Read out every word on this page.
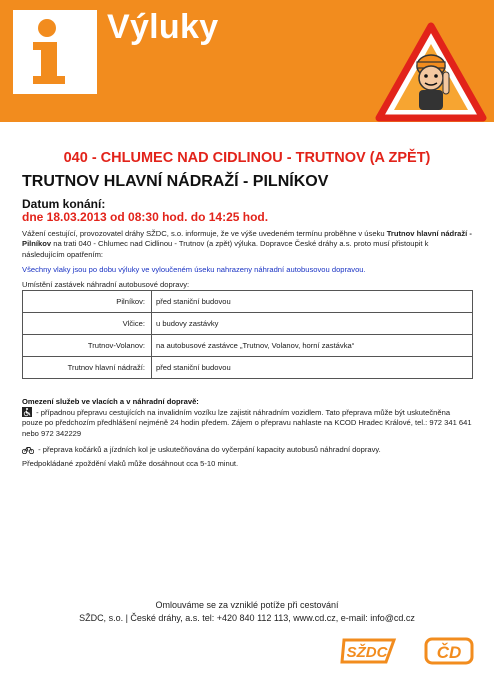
Výluky
040 - CHLUMEC NAD CIDLINOU - TRUTNOV (A ZPĚT)
TRUTNOV HLAVNÍ NÁDRAŽÍ - PILNÍKOV
Datum konání:
dne 18.03.2013 od 08:30 hod. do 14:25 hod.
Vážení cestující, provozovatel dráhy SŽDC, s.o. informuje, že ve výše uvedeném termínu proběhne v úseku Trutnov hlavní nádraží - Pilníkov na trati 040 - Chlumec nad Cidlinou - Trutnov (a zpět) výluka. Dopravce České dráhy a.s. proto musí přistoupit k následujícím opatřením:
Všechny vlaky jsou po dobu výluky ve vyloučeném úseku nahrazeny náhradní autobusovou dopravou.
Umístění zastávek náhradní autobusové dopravy:
Pilníkov:	před staniční budovou
Vlčice:	u budovy zastávky
Trutnov-Volanov:	na autobusové zastávce „Trutnov, Volanov, horní zastávka“
Trutnov hlavní nádraží:	před staniční budovou
Omezení služeb ve vlacích a v náhradní dopravě:
- případnou přepravu cestujících na invalidním vozíku lze zajistit náhradním vozidlem. Tato přeprava může být uskutečněna pouze po předchozím předhlášení nejméně 24 hodin předem. Zájem o přepravu nahlaste na KCOD Hradec Králové, tel.: 972 341 641 nebo 972 342229
- přeprava kočárků a jízdních kol je uskutečňována do vyčerpání kapacity autobusů náhradní dopravy.
Předpokládané zpoždění vlaků může dosáhnout cca 5-10 minut.
Omlouváme se za vzniklé potíže při cestování
SŽDC, s.o. | České dráhy, a.s. tel: +420 840 112 113, www.cd.cz, e-mail: info@cd.cz
SŽDC	ČD
